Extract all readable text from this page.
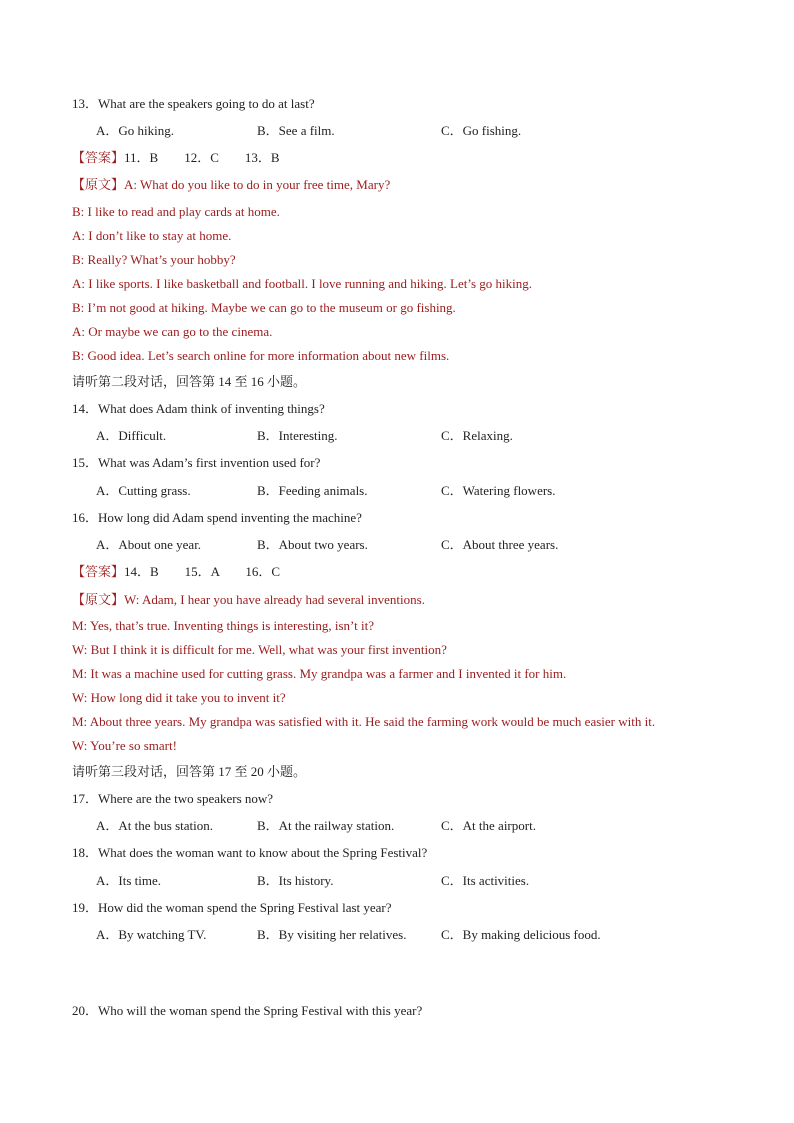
13．What are the speakers going to do at last?
A．Go hiking.	B．See a film.	C．Go fishing.
【答案】11．B　　12．C　　13．B
【原文】A: What do you like to do in your free time, Mary?
B: I like to read and play cards at home.
A: I don’t like to stay at home.
B: Really? What’s your hobby?
A: I like sports. I like basketball and football. I love running and hiking. Let’s go hiking.
B: I’m not good at hiking. Maybe we can go to the museum or go fishing.
A: Or maybe we can go to the cinema.
B: Good idea. Let’s search online for more information about new films.
请听第二段对话，回答第 14 至 16 小题。
14．What does Adam think of inventing things?
A．Difficult.	B．Interesting.	C．Relaxing.
15．What was Adam’s first invention used for?
A．Cutting grass.	B．Feeding animals.	C．Watering flowers.
16．How long did Adam spend inventing the machine?
A．About one year.	B．About two years.	C．About three years.
【答案】14．B　　15．A　　16．C
【原文】W: Adam, I hear you have already had several inventions.
M: Yes, that’s true. Inventing things is interesting, isn’t it?
W: But I think it is difficult for me. Well, what was your first invention?
M: It was a machine used for cutting grass. My grandpa was a farmer and I invented it for him.
W: How long did it take you to invent it?
M: About three years. My grandpa was satisfied with it. He said the farming work would be much easier with it.
W: You’re so smart!
请听第三段对话，回答第 17 至 20 小题。
17．Where are the two speakers now?
A．At the bus station.	B．At the railway station.	C．At the airport.
18．What does the woman want to know about the Spring Festival?
A．Its time.	B．Its history.	C．Its activities.
19．How did the woman spend the Spring Festival last year?
A．By watching TV.	B．By visiting her relatives.	C．By making delicious food.
20．Who will the woman spend the Spring Festival with this year?
